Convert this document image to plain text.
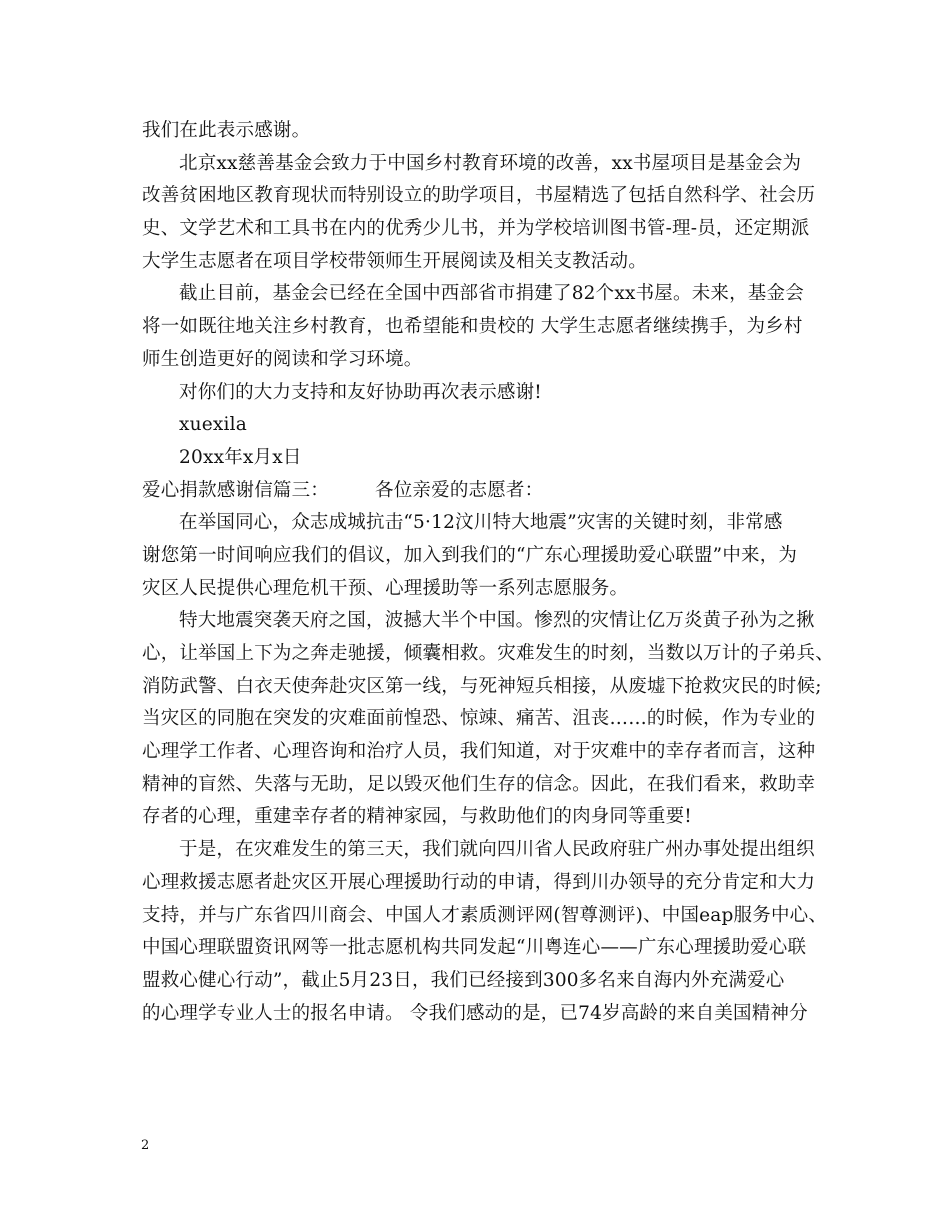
我们在此表示感谢。
北京xx慈善基金会致力于中国乡村教育环境的改善，xx书屋项目是基金会为
改善贫困地区教育现状而特别设立的助学项目，书屋精选了包括自然科学、社会历
史、文学艺术和工具书在内的优秀少儿书，并为学校培训图书管-理-员，还定期派
大学生志愿者在项目学校带领师生开展阅读及相关支教活动。
截止目前，基金会已经在全国中西部省市捐建了82个xx书屋。未来，基金会
将一如既往地关注乡村教育，也希望能和贵校的 大学生志愿者继续携手，为乡村
师生创造更好的阅读和学习环境。
对你们的大力支持和友好协助再次表示感谢!
xuexila
20xx年x月x日
爱心捐款感谢信篇三： 各位亲爱的志愿者：
在举国同心，众志成城抗击“5·12汶川特大地震”灾害的关键时刻，非常感
谢您第一时间响应我们的倡议，加入到我们的“广东心理援助爱心联盟”中来，为
灾区人民提供心理危机干预、心理援助等一系列志愿服务。
特大地震突袭天府之国，波撼大半个中国。惨烈的灾情让亿万炎黄子孙为之揪
心，让举国上下为之奔走驰援，倾囊相救。灾难发生的时刻，当数以万计的子弟兵、
消防武警、白衣天使奔赴灾区第一线，与死神短兵相接，从废墟下抢救灾民的时候;
当灾区的同胞在突发的灾难面前惶恐、惊竦、痛苦、沮丧……的时候，作为专业的
心理学工作者、心理咨询和治疗人员，我们知道，对于灾难中的幸存者而言，这种
精神的盲然、失落与无助，足以毁灭他们生存的信念。因此，在我们看来，救助幸
存者的心理，重建幸存者的精神家园，与救助他们的肉身同等重要!
于是，在灾难发生的第三天，我们就向四川省人民政府驻广州办事处提出组织
心理救援志愿者赴灾区开展心理援助行动的申请，得到川办领导的充分肯定和大力
支持，并与广东省四川商会、中国人才素质测评网(智尊测评)、中国eap服务中心、
中国心理联盟资讯网等一批志愿机构共同发起“川粤连心——广东心理援助爱心联
盟救心健心行动”，截止5月23日，我们已经接到300多名来自海内外充满爱心
的心理学专业人士的报名申请。 令我们感动的是，已74岁高龄的来自美国精神分
2
